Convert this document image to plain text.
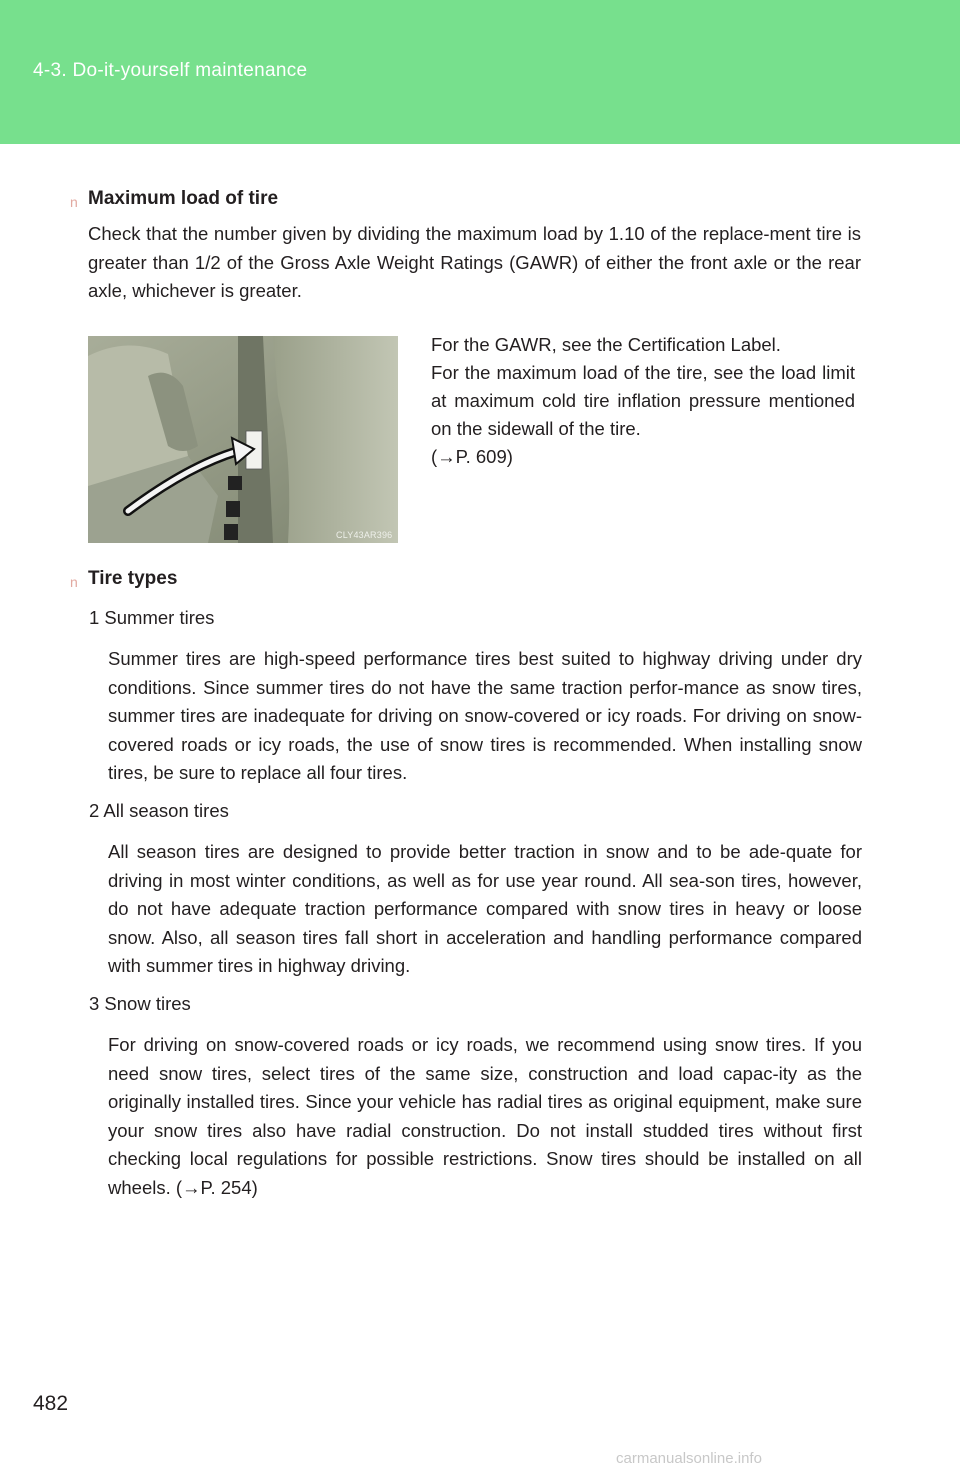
4-3. Do-it-yourself maintenance
n Maximum load of tire
Check that the number given by dividing the maximum load by 1.10 of the replace-ment tire is greater than 1/2 of the Gross Axle Weight Ratings (GAWR) of either the front axle or the rear axle, whichever is greater.
CLY43AR396
For the GAWR, see the Certification Label.
For the maximum load of the tire, see the load limit at maximum cold tire inflation pressure mentioned on the sidewall of the tire.
(→P. 609)
n Tire types
1 Summer tires
Summer tires are high-speed performance tires best suited to highway driving under dry conditions. Since summer tires do not have the same traction perfor-mance as snow tires, summer tires are inadequate for driving on snow-covered or icy roads. For driving on snow-covered roads or icy roads, the use of snow tires is recommended. When installing snow tires, be sure to replace all four tires.
2 All season tires
All season tires are designed to provide better traction in snow and to be ade-quate for driving in most winter conditions, as well as for use year round. All sea-son tires, however, do not have adequate traction performance compared with snow tires in heavy or loose snow. Also, all season tires fall short in acceleration and handling performance compared with summer tires in highway driving.
3 Snow tires
For driving on snow-covered roads or icy roads, we recommend using snow tires. If you need snow tires, select tires of the same size, construction and load capac-ity as the originally installed tires. Since your vehicle has radial tires as original equipment, make sure your snow tires also have radial construction. Do not install studded tires without first checking local regulations for possible restrictions. Snow tires should be installed on all wheels. (→P. 254)
482
carmanualsonline.info
